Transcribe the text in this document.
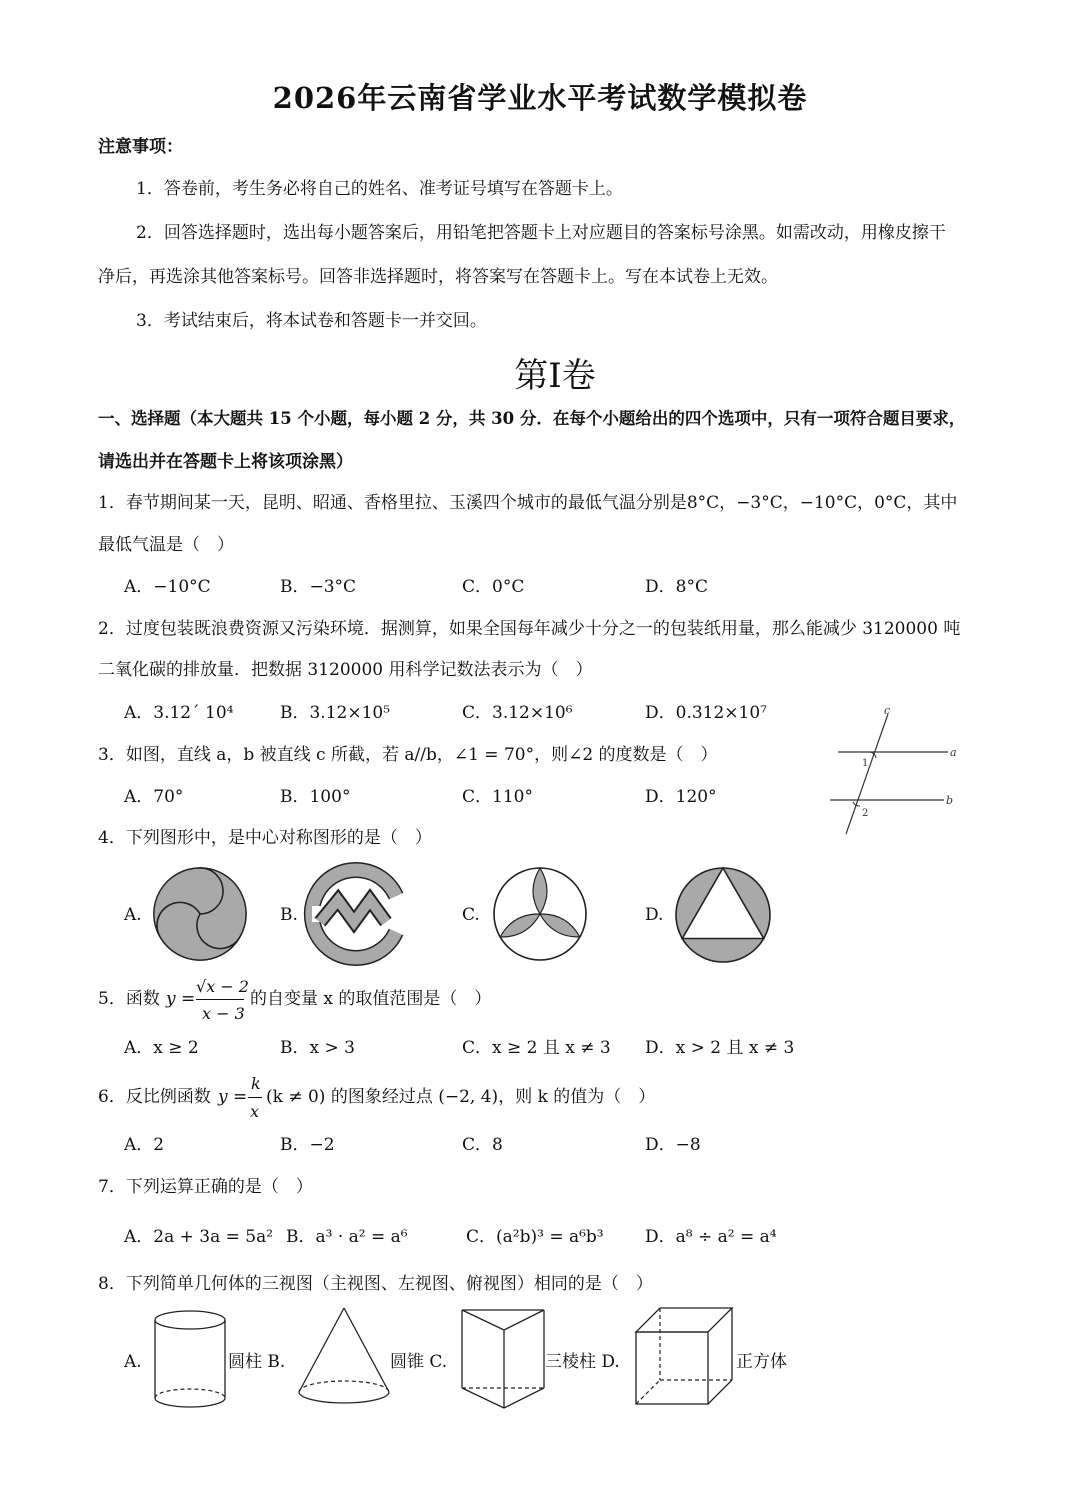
2026年云南省学业水平考试数学模拟卷
注意事项：
1．答卷前，考生务必将自己的姓名、准考证号填写在答题卡上。
2．回答选择题时，选出每小题答案后，用铅笔把答题卡上对应题目的答案标号涂黑。如需改动，用橡皮擦干
净后，再选涂其他答案标号。回答非选择题时，将答案写在答题卡上。写在本试卷上无效。
3．考试结束后，将本试卷和答题卡一并交回。
第I卷
一、选择题（本大题共 15 个小题，每小题 2 分，共 30 分．在每个小题给出的四个选项中，只有一项符合题目要求，
请选出并在答题卡上将该项涂黑）
1．春节期间某一天，昆明、昭通、香格里拉、玉溪四个城市的最低气温分别是8°C，−3°C，−10°C，0°C，其中
最低气温是（　）
A．−10°C	B．−3°C	C．0°C	D．8°C
2．过度包装既浪费资源又污染环境．据测算，如果全国每年减少十分之一的包装纸用量，那么能减少 3120000 吨
二氧化碳的排放量．把数据 3120000 用科学记数法表示为（　）
A．3.12´ 10⁴	B．3.12×10⁵	C．3.12×10⁶	D．0.312×10⁷
3．如图，直线 a，b 被直线 c 所截，若 a//b，∠1 = 70°，则∠2 的度数是（　）
A．70°	B．100°	C．110°	D．120°
c
a
b
1
2
4．下列图形中，是中心对称图形的是（　）
A.	B.	C.	D.
5．函数 y =
√x − 2
x − 3
的自变量 x 的取值范围是（　）
A．x ≥ 2	B．x > 3	C．x ≥ 2 且 x ≠ 3 D．x > 2 且 x ≠ 3
6．反比例函数 y =
k
x
(k ≠ 0) 的图象经过点 (−2, 4)，则 k 的值为（　）
A．2	B．−2	C．8	D．−8
7．下列运算正确的是（　）
A．2a + 3a = 5a² B．a³ · a² = a⁶	C．(a²b)³ = a⁶b³ D．a⁸ ÷ a² = a⁴
8．下列简单几何体的三视图（主视图、左视图、俯视图）相同的是（　）
A.	圆柱 B.	圆锥 C.	三棱柱 D.	正方体
